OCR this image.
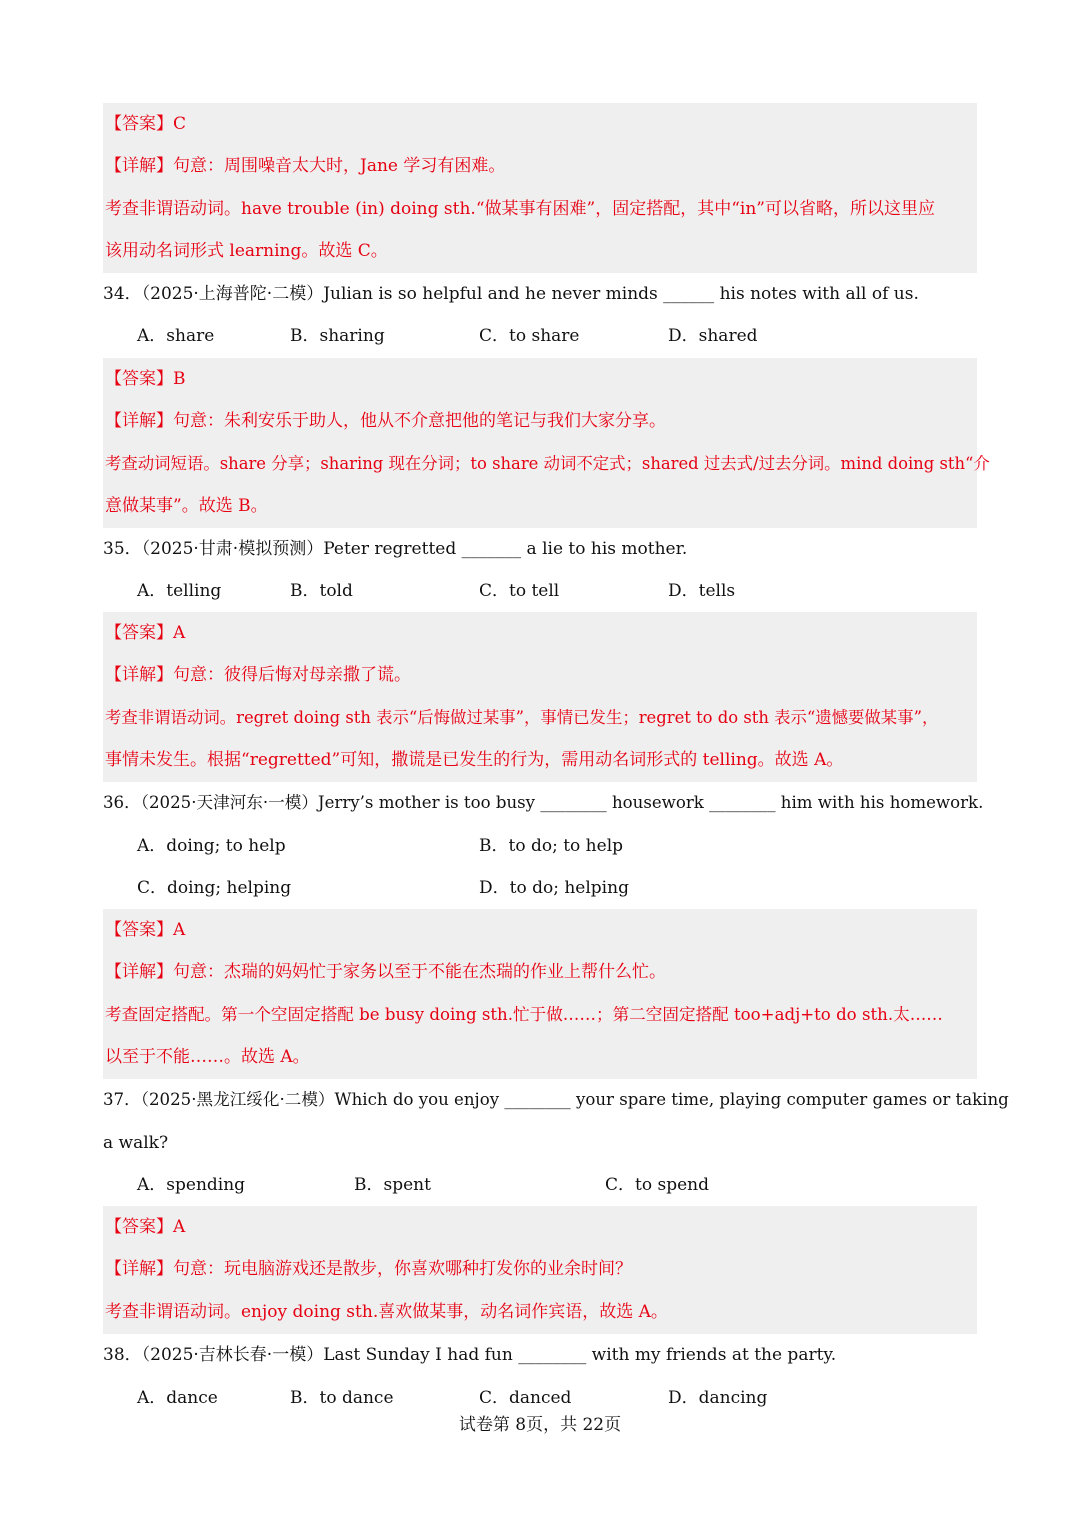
【答案】C
【详解】句意：周围噪音太大时，Jane 学习有困难。
考查非谓语动词。have trouble (in) doing sth.“做某事有困难”，固定搭配，其中“in”可以省略，所以这里应
该用动名词形式 learning。故选 C。
34．（2025·上海普陀·二模）Julian is so helpful and he never minds ______ his notes with all of us.
A．share	B．sharing	C．to share	D．shared
【答案】B
【详解】句意：朱利安乐于助人，他从不介意把他的笔记与我们大家分享。
考查动词短语。share 分享；sharing 现在分词；to share 动词不定式；shared 过去式/过去分词。mind doing sth“介
意做某事”。故选 B。
35．（2025·甘肃·模拟预测）Peter regretted _______ a lie to his mother.
A．telling	B．told	C．to tell	D．tells
【答案】A
【详解】句意：彼得后悔对母亲撒了谎。
考查非谓语动词。regret doing sth 表示“后悔做过某事”，事情已发生；regret to do sth 表示“遗憾要做某事”，
事情未发生。根据“regretted”可知，撒谎是已发生的行为，需用动名词形式的 telling。故选 A。
36．（2025·天津河东·一模）Jerry’s mother is too busy ________ housework ________ him with his homework.
A．doing; to help	B．to do; to help
C．doing; helping	D．to do; helping
【答案】A
【详解】句意：杰瑞的妈妈忙于家务以至于不能在杰瑞的作业上帮什么忙。
考查固定搭配。第一个空固定搭配 be busy doing sth.忙于做……；第二空固定搭配 too+adj+to do sth.太……
以至于不能……。故选 A。
37．（2025·黑龙江绥化·二模）Which do you enjoy ________ your spare time, playing computer games or taking
a walk?
A．spending	B．spent	C．to spend
【答案】A
【详解】句意：玩电脑游戏还是散步，你喜欢哪种打发你的业余时间？
考查非谓语动词。enjoy doing sth.喜欢做某事，动名词作宾语，故选 A。
38．（2025·吉林长春·一模）Last Sunday I had fun ________ with my friends at the party.
A．dance	B．to dance	C．danced	D．dancing
试卷第 8页，共 22页
